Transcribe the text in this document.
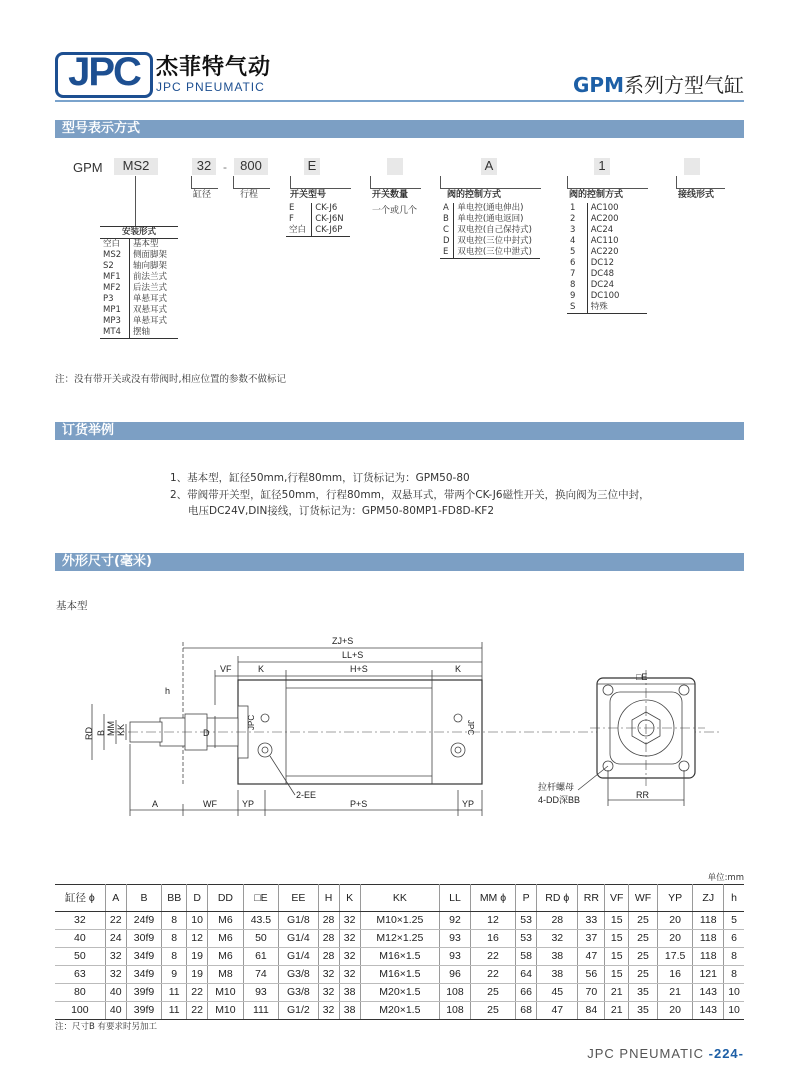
JPC 杰菲特气动
JPC PNEUMATIC	GPM系列方型气缸
型号表示方式
GPM	MS2	32 -	800	E	A	1
缸径	行程	开关型号	开关数量
一个或几个
阀的控制方式	阀的控制方式	接线形式
安装形式	
空白	基本型
MS2	侧面脚架
S2	轴向脚架
MF1	前法兰式
MF2	后法兰式
P3	单悬耳式
MP1	双悬耳式
MP3	单悬耳式
MT4	摆轴
E	CK-J6
F	CK-J6N
空白	CK-J6P
A	单电控(通电伸出)
B	单电控(通电返回)
C	双电控(自己保持式)
D	双电控(三位中封式)
E	双电控(三位中泄式)
1	AC100
2	AC200
3	AC24
4	AC110
5	AC220
6	DC12
7	DC48
8	DC24
9	DC100
S	特殊
注：没有带开关或没有带阀时,相应位置的参数不做标记
订货举例
1、基本型，缸径50mm,行程80mm，订货标记为：GPM50-80
2、带阀带开关型，缸径50mm，行程80mm，双悬耳式，带两个CK-J6磁性开关，换向阀为三位中封，
电压DC24V,DIN接线，订货标记为：GPM50-80MP1-FD8D-KF2
外形尺寸(毫米)
基本型
ZJ+S
LL+S
H+S
VF	K	K
h
RD B MM KK	D
A	WF	YP	P+S	YP
2-EE
JPC	JPC
□E
RR
拉杆螺母
4-DD深BB
单位:mm
缸径 ϕ	A	B	BB	D	DD	□E	EE	H	K	KK	LL	MM ϕ	P	RD ϕ	RR	VF	WF	YP	ZJ	h
32	22	24f9	8	10	M6	43.5	G1/8	28	32	M10×1.25	92	12	53	28	33	15	25	20	118	5
40	24	30f9	8	12	M6	50	G1/4	28	32	M12×1.25	93	16	53	32	37	15	25	20	118	6
50	32	34f9	8	19	M6	61	G1/4	28	32	M16×1.5	93	22	58	38	47	15	25	17.5	118	8
63	32	34f9	9	19	M8	74	G3/8	32	32	M16×1.5	96	22	64	38	56	15	25	16	121	8
80	40	39f9	11	22	M10	93	G3/8	32	38	M20×1.5	108	25	66	45	70	21	35	21	143	10
100	40	39f9	11	22	M10	111	G1/2	32	38	M20×1.5	108	25	68	47	84	21	35	20	143	10
注：尺寸B 有要求时另加工
JPC PNEUMATIC -224-
